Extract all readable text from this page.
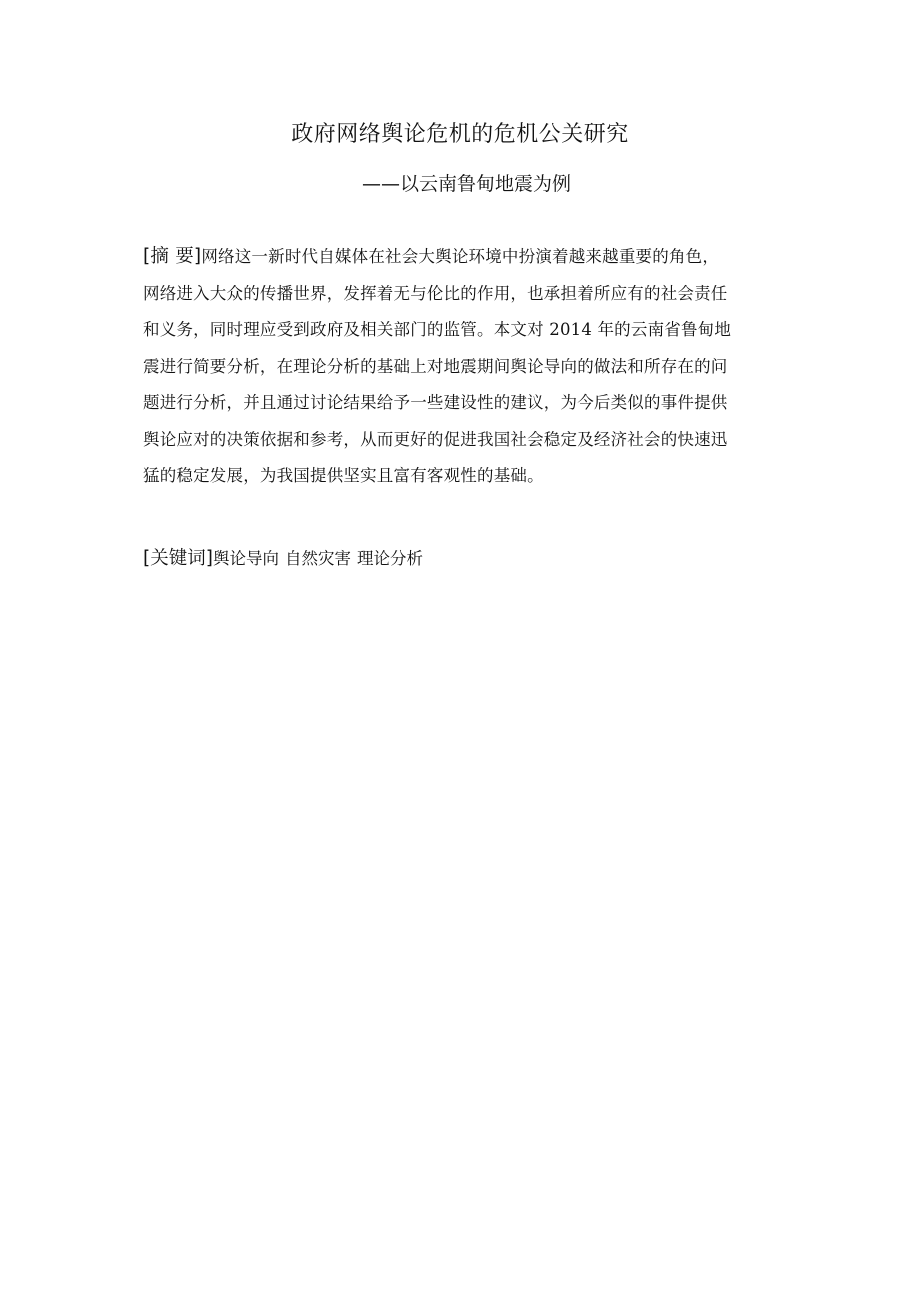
政府网络舆论危机的危机公关研究
——以云南鲁甸地震为例
[摘 要]网络这一新时代自媒体在社会大舆论环境中扮演着越来越重要的角色，
网络进入大众的传播世界，发挥着无与伦比的作用，也承担着所应有的社会责任
和义务，同时理应受到政府及相关部门的监管。本文对 2014 年的云南省鲁甸地
震进行简要分析，在理论分析的基础上对地震期间舆论导向的做法和所存在的问
题进行分析，并且通过讨论结果给予一些建设性的建议，为今后类似的事件提供
舆论应对的决策依据和参考，从而更好的促进我国社会稳定及经济社会的快速迅
猛的稳定发展，为我国提供坚实且富有客观性的基础。
[关键词]舆论导向 自然灾害 理论分析
